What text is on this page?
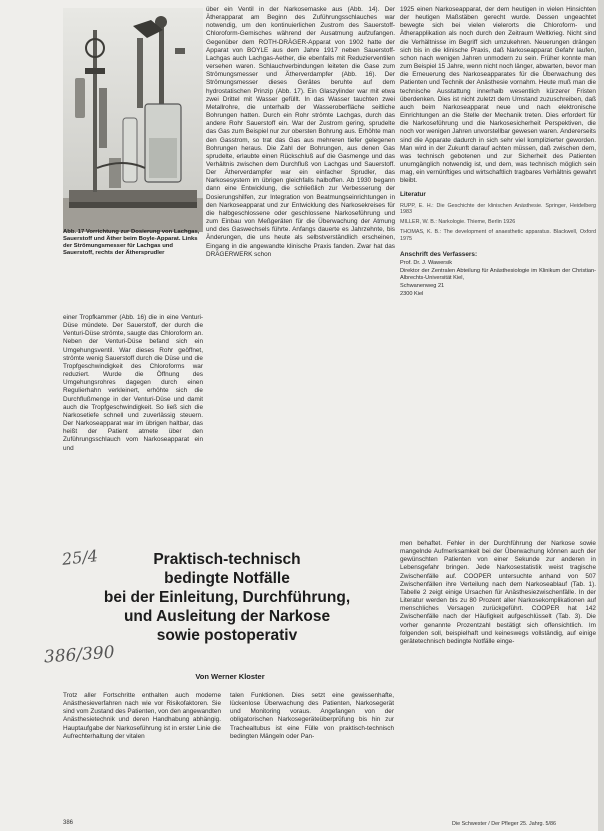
Abb. 17 Vorrichtung zur Dosierung von Lachgas, Sauerstoff und Äther beim Boyle-Apparat. Links der Strömungsmesser für Lachgas und Sauerstoff, rechts der Äthersprudler

einer Tropfkammer (Abb. 16) die in eine Venturi-Düse mündete. Der Sauerstoff, der durch die Venturi-Düse strömte, saugte das Chloroform an. Neben der Venturi-Düse befand sich ein Umgehungsventil. War dieses Rohr geöffnet, strömte wenig Sauerstoff durch die Düse und die Tropfgeschwindigkeit des Chloroforms war reduziert. Wurde die Öffnung des Umgehungsrohres dagegen durch einen Regulierhahn verkleinert, erhöhte sich die Durchflußmenge in der Venturi-Düse und damit auch die Tropfgeschwindigkeit. So ließ sich die Narkosetiefe schnell und zuverlässig steuern. Der Narkoseapparat war im übrigen haltbar, das heißt der Patient atmete über den Zuführungsschlauch vom Narkoseapparat ein und

über ein Ventil in der Narkosemaske aus (Abb. 14). Der Ätherapparat am Beginn des Zuführungsschlauches war notwendig, um den kontinuierlichen Zustrom des Sauerstoff-Chloroform-Gemisches während der Ausatmung aufzufangen. Gegenüber dem ROTH-DRÄGER-Apparat von 1902 hatte der Apparat von BOYLE aus dem Jahre 1917 neben Sauerstoff-Lachgas auch Lachgas-Aether, die ebenfalls mit Reduzierventilen versehen waren. Schlauchverbindungen leiteten die Gase zum Strömungsmesser und Ätherverdampfer (Abb. 16). Der Strömungsmesser dieses Gerätes beruhte auf dem hydrostatischen Prinzip (Abb. 17). Ein Glaszylinder war mit etwa zwei Drittel mit Wasser gefüllt. In das Wasser tauchten zwei Metallrohre, die unterhalb der Wasseroberfläche seitliche Bohrungen hatten. Durch ein Rohr strömte Lachgas, durch das andere Rohr Sauerstoff ein. War der Zustrom gering, sprudelte das Gas zum Beispiel nur zur obersten Bohrung aus. Erhöhte man den Gasstrom, so trat das Gas aus mehreren tiefer gelegenen Bohrungen heraus. Die Zahl der Bohrungen, aus denen Gas sprudelte, erlaubte einen Rückschluß auf die Gasmenge und das Verhältnis zwischen dem Durchfluß von Lachgas und Sauerstoff. Der Ätherverdampfer war ein einfacher Sprudler, das Narkosesystem im übrigen gleichfalls halboffen. Ab 1930 begann dann eine Entwicklung, die schließlich zur Verbesserung der Dosierungshilfen, zur Integration von Beatmungseinrichtungen in den Narkoseapparat und zur Entwicklung des Narkosekreises für die halbgeschlossene oder geschlossene Narkoseführung und zum Einbau von Meßgeräten für die Überwachung der Atmung und des Gaswechsels führte. Anfangs dauerte es Jahrzehnte, bis Änderungen, die uns heute als selbstverständlich erscheinen, Eingang in die angewandte klinische Praxis fanden. Zwar hat das DRÄGERWERK schon

1925 einen Narkoseapparat, der dem heutigen in vielen Hinsichten der heutigen Maßstäben gerecht wurde. Dessen ungeachtet bewegte sich bei vielen vielerorts die Chloroform- und Ätherapplikation als noch durch den Zeitraum Weltkrieg. Nicht sind die Verhältnisse im Begriff sich umzukehren. Neuerungen drängen sich bis in die klinische Praxis, daß Narkoseapparat Gefahr laufen, schon nach wenigen Jahren unmodern zu sein. Früher konnte man zum Beispiel 15 Jahre, wenn nicht noch länger, abwarten, bevor man die Erneuerung des Narkoseapparates für die Überwachung des Patienten und Technik der Anästhesie vornahm. Heute muß man die technische Ausstattung innerhalb wesentlich kürzerer Fristen überdenken. Dies ist nicht zuletzt dem Umstand zuzuschreiben, daß auch beim Narkoseapparat neue und nach elektronische Einrichtungen an die Stelle der Mechanik treten. Dies erfordert für die Narkoseführung und die Narkosesicherheit Perspektiven, die noch vor wenigen Jahren unvorstellbar gewesen waren. Andererseits sind die Apparate dadurch in sich sehr viel komplizierter geworden. Man wird in der Zukunft darauf achten müssen, daß zwischen dem, was technisch gebotenen und zur Sicherheit des Patienten unumgänglich notwendig ist, und dem, was technisch möglich sein mag, ein vernünftiges und wirtschaftlich tragbares Verhältnis gewahrt bleibt.

Literatur

RUPP, E. H.: Die Geschichte der klinischen Anästhesie. Springer, Heidelberg 1983

MILLER, W. B.: Narkologie. Thieme, Berlin 1926

THOMAS, K. B.: The development of anaesthetic apparatus. Blackwell, Oxford 1975

Anschrift des Verfassers:

Prof. Dr. J. Wawersik

Direktor der Zentralen Abteilung für Anästhesiologie im Klinikum der Christian-Albrechts-Universität Kiel,

Schwanenweg 21

2300 Kiel

25/4
386/390
Praktisch-technisch
bedingte Notfälle
bei der Einleitung, Durchführung,
und Ausleitung der Narkose
sowie postoperativ
Von Werner Kloster

men behaftet. Fehler in der Durchführung der Narkose sowie mangelnde Aufmerksamkeit bei der Überwachung können auch der gewünschten Patienten von einer Sekunde zur anderen in Lebensgefahr bringen. Jede Narkosestatistik weist tragische Zwischenfälle auf. COOPER untersuchte anhand von 507 Zwischenfällen ihre Verteilung nach dem Narkoseablauf (Tab. 1). Tabelle 2 zeigt einige Ursachen für Anästhesiezwischenfälle. In der Literatur werden bis zu 80 Prozent aller Narkosekomplikationen auf menschliches Versagen zurückgeführt. COOPER hat 142 Zwischenfälle nach der Häufigkeit aufgeschlüsselt (Tab. 3). Die vorher genannte Prozentzahl bestätigt sich offensichtlich. Im folgenden soll, beispielhaft und keineswegs vollständig, auf einige gerätetechnisch bedingte Notfälle einge-

Trotz aller Fortschritte enthalten auch moderne Anästhesieverfahren nach wie vor Risikofaktoren. Sie sind vom Zustand des Patienten, von den angewandten Anästhesietechnik und deren Handhabung abhängig. Hauptaufgabe der Narkoseführung ist in erster Linie die Aufrechterhaltung der vitalen

talen Funktionen. Dies setzt eine gewissenhafte, lückenlose Überwachung des Patienten, Narkosegerät und Monitoring voraus. Angefangen von der obligatorischen Narkosegeräteüberprüfung bis hin zur Trachealtubus ist eine Fülle von praktisch-technisch bedingten Mängeln oder Pan-

386	Die Schwester / Der Pfleger 25. Jahrg. 5/86
